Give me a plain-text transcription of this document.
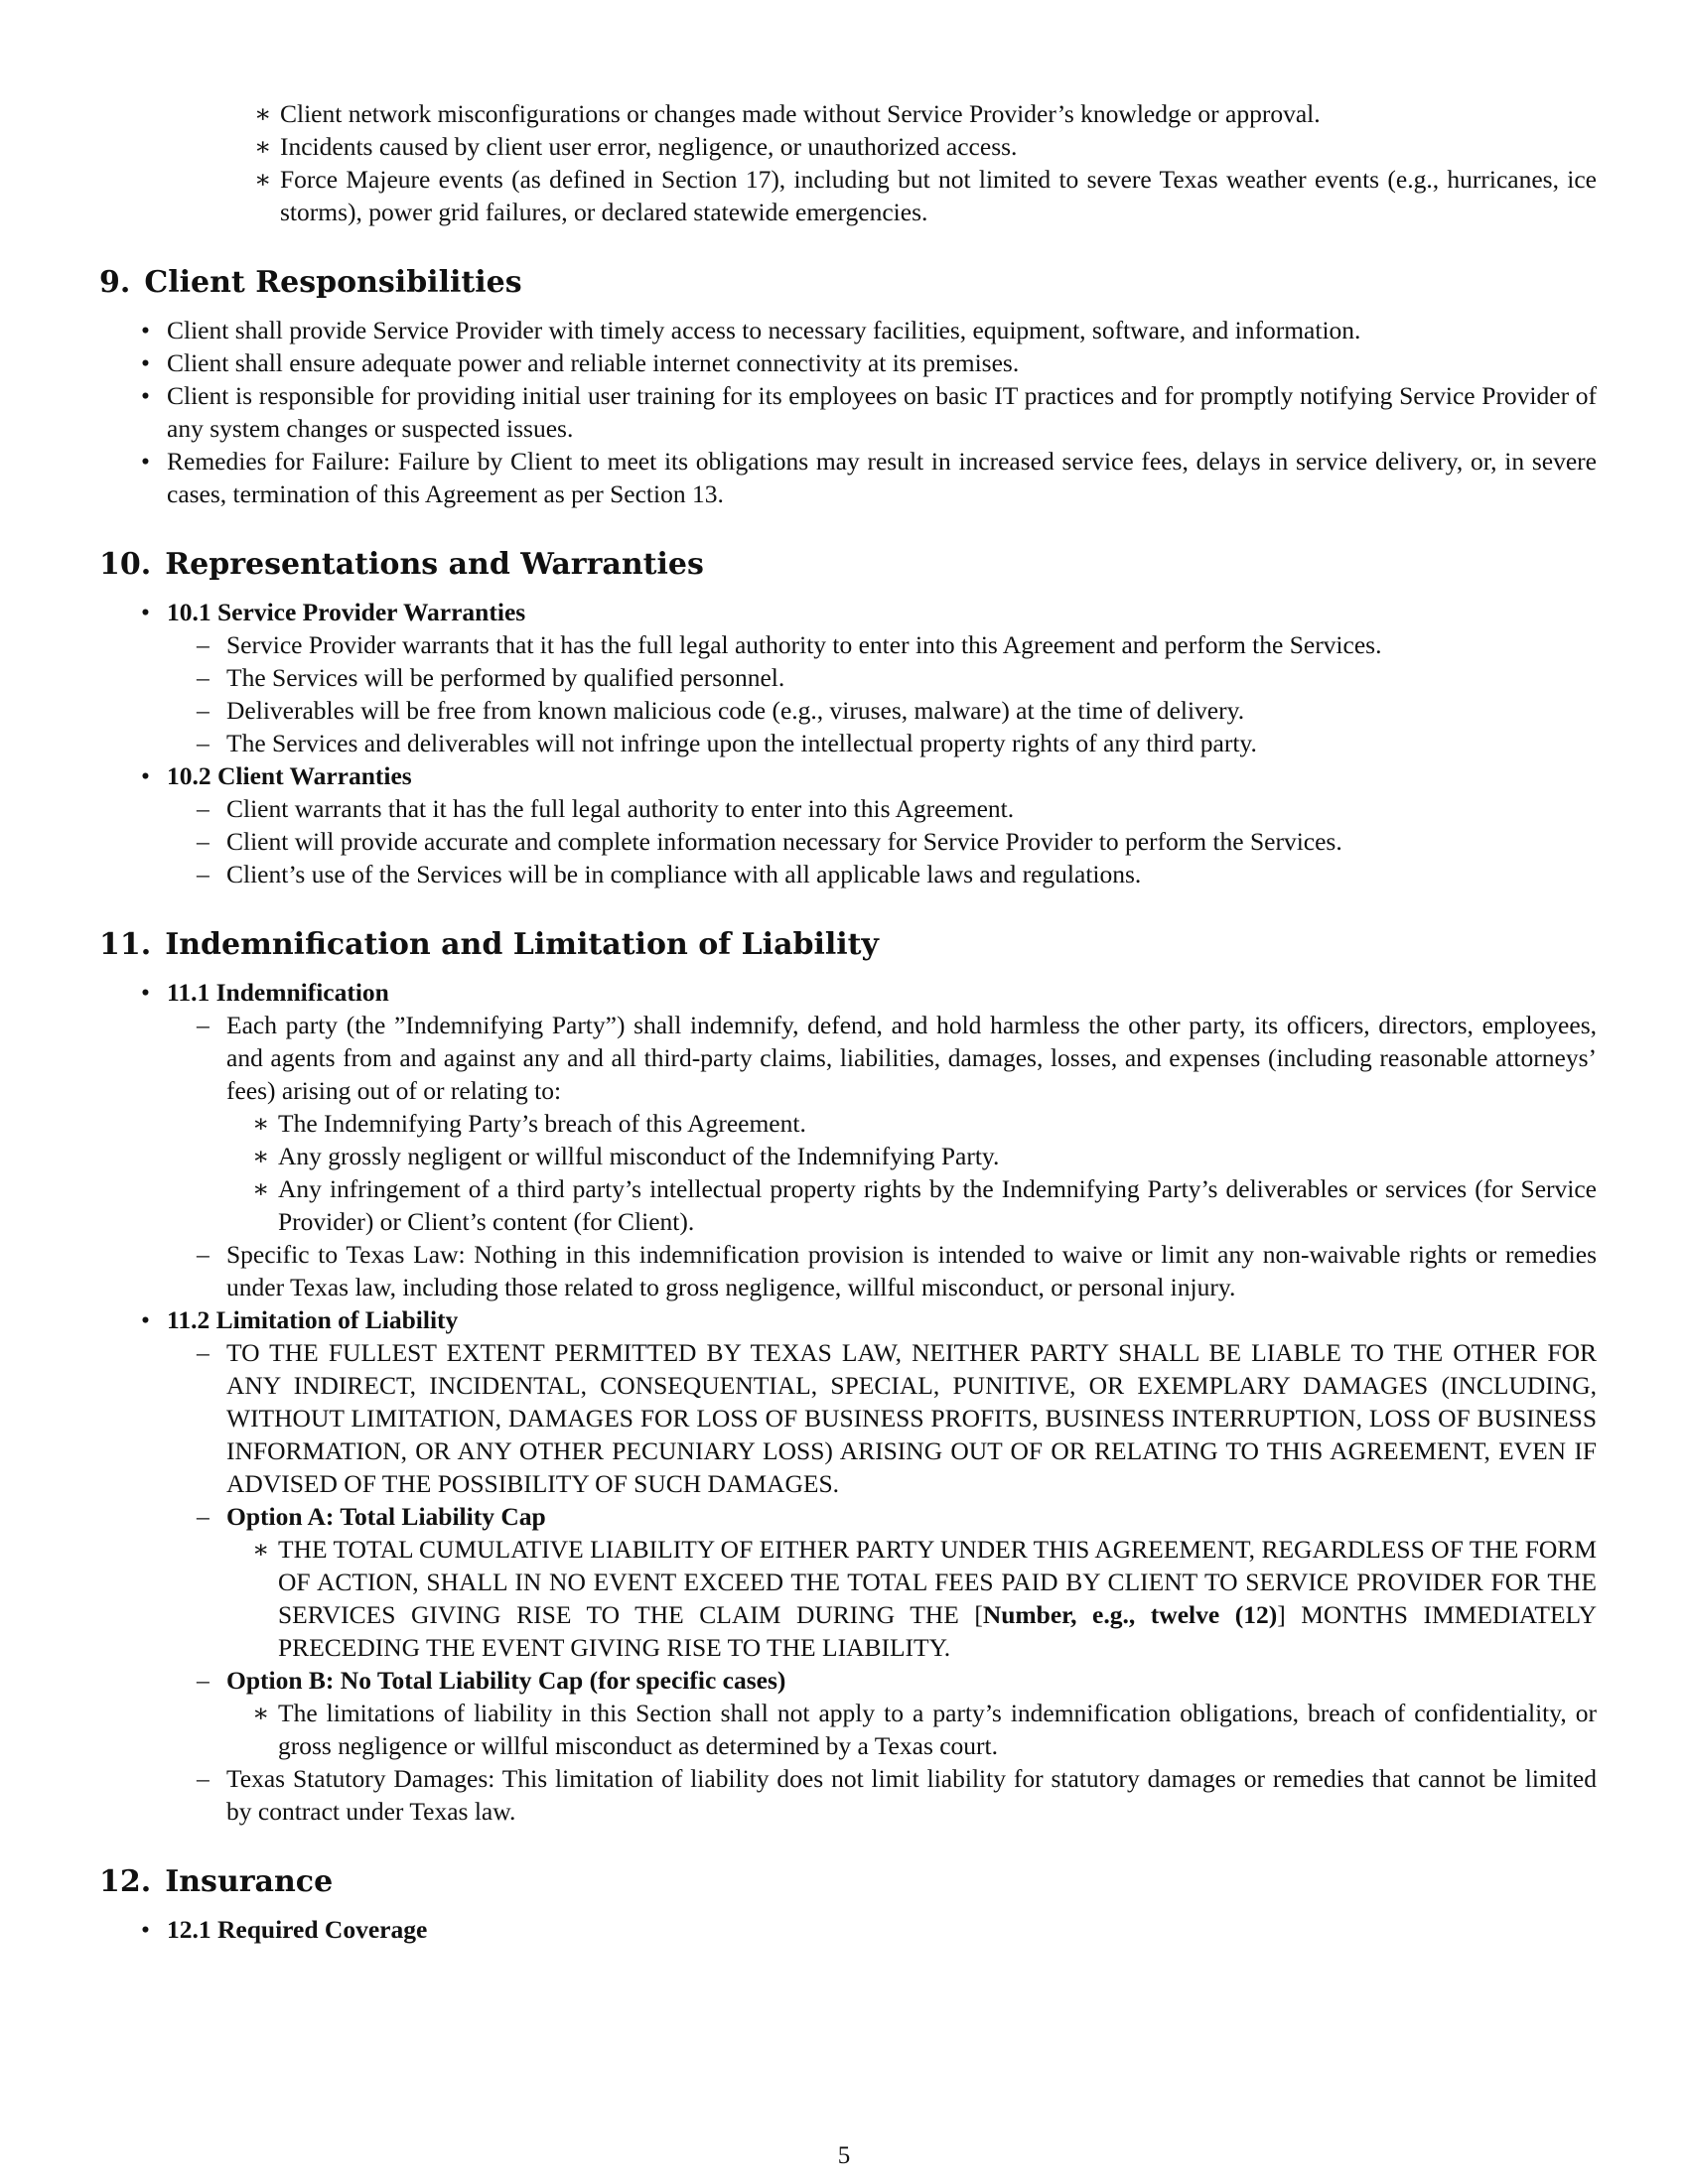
∗ Client network misconfigurations or changes made without Service Provider’s knowledge or approval.
∗ Incidents caused by client user error, negligence, or unauthorized access.
∗ Force Majeure events (as defined in Section 17), including but not limited to severe Texas weather events (e.g., hurricanes, ice storms), power grid failures, or declared statewide emergencies.
9. Client Responsibilities
• Client shall provide Service Provider with timely access to necessary facilities, equipment, software, and information.
• Client shall ensure adequate power and reliable internet connectivity at its premises.
• Client is responsible for providing initial user training for its employees on basic IT practices and for promptly notifying Service Provider of any system changes or suspected issues.
• Remedies for Failure: Failure by Client to meet its obligations may result in increased service fees, delays in service delivery, or, in severe cases, termination of this Agreement as per Section 13.
10. Representations and Warranties
• 10.1 Service Provider Warranties
– Service Provider warrants that it has the full legal authority to enter into this Agreement and perform the Services.
– The Services will be performed by qualified personnel.
– Deliverables will be free from known malicious code (e.g., viruses, malware) at the time of delivery.
– The Services and deliverables will not infringe upon the intellectual property rights of any third party.
• 10.2 Client Warranties
– Client warrants that it has the full legal authority to enter into this Agreement.
– Client will provide accurate and complete information necessary for Service Provider to perform the Services.
– Client’s use of the Services will be in compliance with all applicable laws and regulations.
11. Indemnification and Limitation of Liability
• 11.1 Indemnification
– Each party (the ”Indemnifying Party”) shall indemnify, defend, and hold harmless the other party, its officers, directors, employees, and agents from and against any and all third-party claims, liabilities, damages, losses, and expenses (including reasonable attorneys’ fees) arising out of or relating to:
∗ The Indemnifying Party’s breach of this Agreement.
∗ Any grossly negligent or willful misconduct of the Indemnifying Party.
∗ Any infringement of a third party’s intellectual property rights by the Indemnifying Party’s deliverables or services (for Service Provider) or Client’s content (for Client).
– Specific to Texas Law: Nothing in this indemnification provision is intended to waive or limit any non-waivable rights or remedies under Texas law, including those related to gross negligence, willful misconduct, or personal injury.
• 11.2 Limitation of Liability
– TO THE FULLEST EXTENT PERMITTED BY TEXAS LAW, NEITHER PARTY SHALL BE LIABLE TO THE OTHER FOR ANY INDIRECT, INCIDENTAL, CONSEQUENTIAL, SPECIAL, PUNITIVE, OR EXEMPLARY DAMAGES (INCLUDING, WITHOUT LIMITATION, DAMAGES FOR LOSS OF BUSINESS PROFITS, BUSINESS INTERRUPTION, LOSS OF BUSINESS INFORMATION, OR ANY OTHER PECUNIARY LOSS) ARISING OUT OF OR RELATING TO THIS AGREEMENT, EVEN IF ADVISED OF THE POSSIBILITY OF SUCH DAMAGES.
– Option A: Total Liability Cap
∗ THE TOTAL CUMULATIVE LIABILITY OF EITHER PARTY UNDER THIS AGREEMENT, REGARDLESS OF THE FORM OF ACTION, SHALL IN NO EVENT EXCEED THE TOTAL FEES PAID BY CLIENT TO SERVICE PROVIDER FOR THE SERVICES GIVING RISE TO THE CLAIM DURING THE [Number, e.g., twelve (12)] MONTHS IMMEDIATELY PRECEDING THE EVENT GIVING RISE TO THE LIABILITY.
– Option B: No Total Liability Cap (for specific cases)
∗ The limitations of liability in this Section shall not apply to a party’s indemnification obligations, breach of confidentiality, or gross negligence or willful misconduct as determined by a Texas court.
– Texas Statutory Damages: This limitation of liability does not limit liability for statutory damages or remedies that cannot be limited by contract under Texas law.
12. Insurance
• 12.1 Required Coverage
5
